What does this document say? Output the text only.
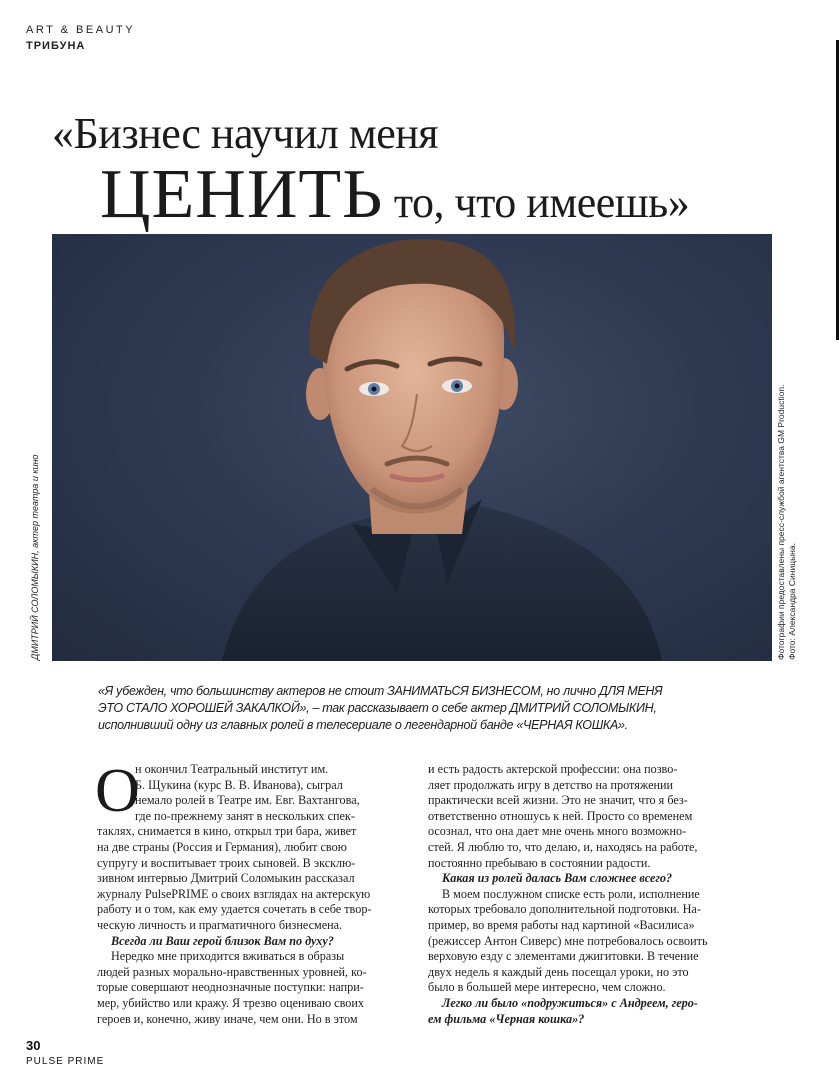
ART & BEAUTY
ТРИБУНА
«Бизнес научил меня
ЦЕНИТЬ то, что имеешь»
ДМИТРИЙ СОЛОМЫКИН, актер театра и кино	Фотографии предоставлены пресс-службой агентства GM Production. Фото: Александра Синицына.
«Я убежден, что большинству актеров не стоит ЗАНИМАТЬСЯ БИЗНЕСОМ, но лично ДЛЯ МЕНЯ
ЭТО СТАЛО ХОРОШЕЙ ЗАКАЛКОЙ», – так рассказывает о себе актер ДМИТРИЙ СОЛОМЫКИН,
исполнивший одну из главных ролей в телесериале о легендарной банде «ЧЕРНАЯ КОШКА».
О

н окончил Театральный институт им.

Б. Щукина (курс В. В. Иванова), сыграл

немало ролей в Театре им. Евг. Вахтангова,

где по-прежнему занят в нескольких спек-

таклях, снимается в кино, открыл три бара, живет

на две страны (Россия и Германия), любит свою

супругу и воспитывает троих сыновей. В эксклю-

зивном интервью Дмитрий Соломыкин рассказал

журналу PulsePRIME о своих взглядах на актерскую

работу и о том, как ему удается сочетать в себе твор-

ческую личность и прагматичного бизнесмена.

Всегда ли Ваш герой близок Вам по духу?

Нередко мне приходится вживаться в образы

людей разных морально-нравственных уровней, ко-

торые совершают неоднозначные поступки: напри-

мер, убийство или кражу. Я трезво оцениваю своих

героев и, конечно, живу иначе, чем они. Но в этом

и есть радость актерской профессии: она позво-

ляет продолжать игру в детство на протяжении

практически всей жизни. Это не значит, что я без-

ответственно отношусь к ней. Просто со временем

осознал, что она дает мне очень много возможно-

стей. Я люблю то, что делаю, и, находясь на работе,

постоянно пребываю в состоянии радости.

Какая из ролей далась Вам сложнее всего?

В моем послужном списке есть роли, исполнение

которых требовало дополнительной подготовки. На-

пример, во время работы над картиной «Василиса»

(режиссер Антон Сиверс) мне потребовалось освоить

верховую езду с элементами джигитовки. В течение

двух недель я каждый день посещал уроки, но это

было в большей мере интересно, чем сложно.

Легко ли было «подружиться» с Андреем, геро-

ем фильма «Черная кошка»?

30
PULSE PRIME
